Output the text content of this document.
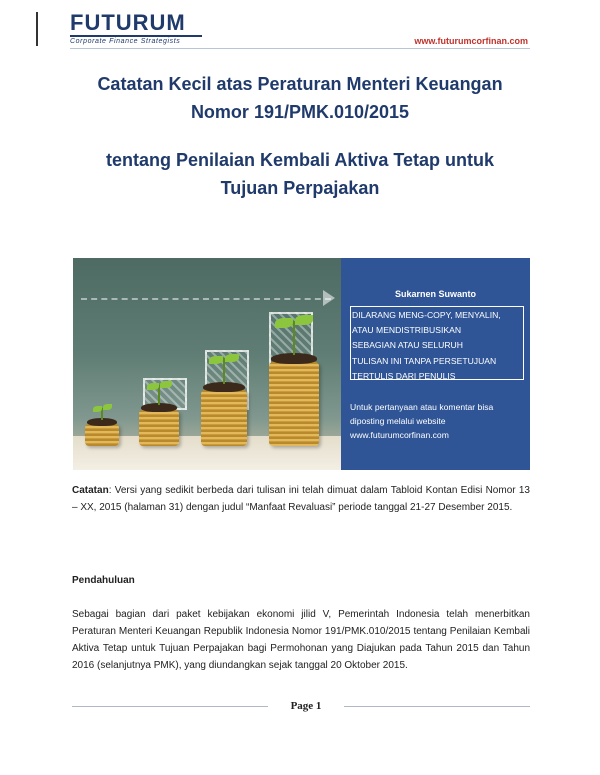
FUTURUM
Corporate Finance Strategists	www.futurumcorfinan.com
Catatan Kecil atas Peraturan Menteri Keuangan
Nomor 191/PMK.010/2015
tentang Penilaian Kembali Aktiva Tetap untuk
Tujuan Perpajakan
Sukarnen Suwanto
DILARANG MENG-COPY, MENYALIN,
ATAU MENDISTRIBUSIKAN
SEBAGIAN ATAU SELURUH
TULISAN INI TANPA PERSETUJUAN
TERTULIS DARI PENULIS
Untuk pertanyaan atau komentar bisa
diposting melalui website
www.futurumcorfinan.com
Catatan: Versi yang sedikit berbeda dari tulisan ini telah dimuat dalam Tabloid Kontan Edisi Nomor 13 – XX, 2015 (halaman 31) dengan judul “Manfaat Revaluasi” periode tanggal 21-27 Desember 2015.
Pendahuluan
Sebagai bagian dari paket kebijakan ekonomi jilid V, Pemerintah Indonesia telah menerbitkan Peraturan Menteri Keuangan Republik Indonesia Nomor 191/PMK.010/2015 tentang Penilaian Kembali Aktiva Tetap untuk Tujuan Perpajakan bagi Permohonan yang Diajukan pada Tahun 2015 dan Tahun 2016 (selanjutnya PMK), yang diundangkan sejak tanggal 20 Oktober 2015.
Page 1
